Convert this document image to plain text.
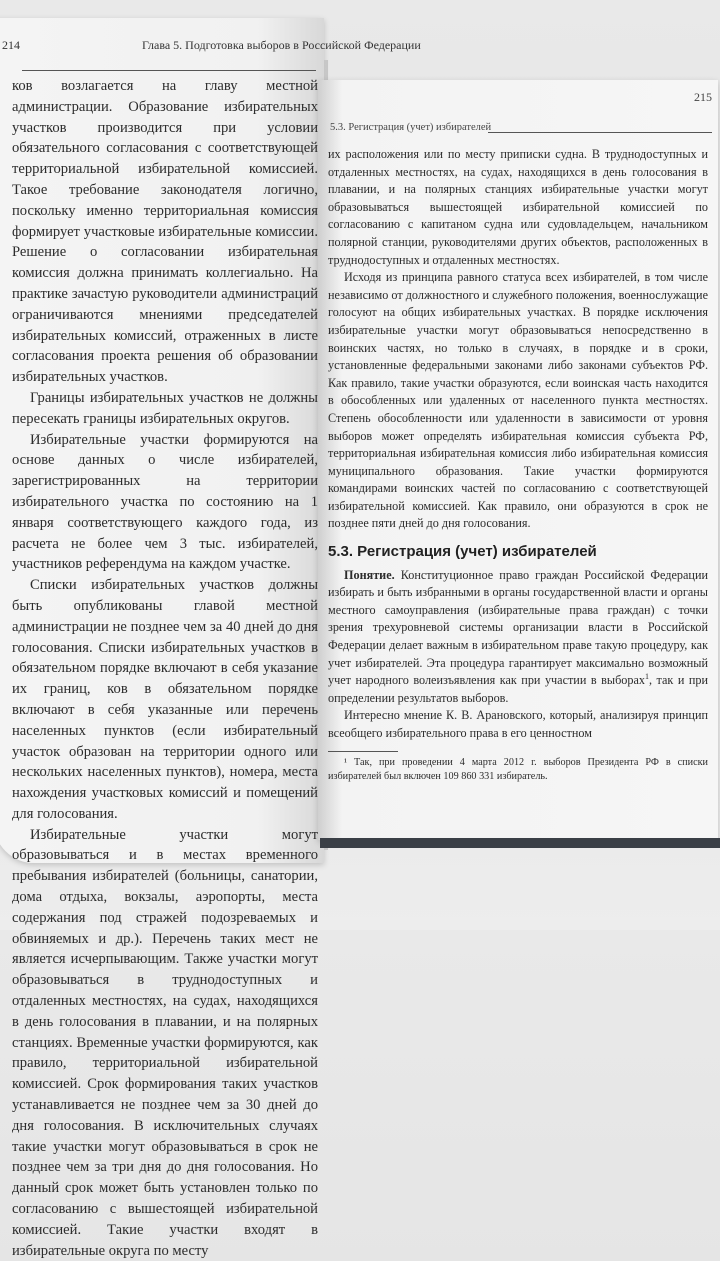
214	Глава 5. Подготовка выборов в Российской Федерации

ков возлагается на главу местной администрации. Образование избирательных участков производится при условии обязательного согласования с соответствующей территориальной избирательной комиссией. Такое требование законодателя логично, поскольку именно территориальная комиссия формирует участковые избирательные комиссии. Решение о согласовании избирательная комиссия должна принимать коллегиально. На практике зачастую руководители администраций ограничиваются мнениями председателей избирательных комиссий, отраженных в листе согласования проекта решения об образовании избирательных участков.

Границы избирательных участков не должны пересекать границы избирательных округов.

Избирательные участки формируются на основе данных о числе избирателей, зарегистрированных на территории избирательного участка по состоянию на 1 января соответствующего каждого года, из расчета не более чем 3 тыс. избирателей, участников референдума на каждом участке.

Списки избирательных участков должны быть опубликованы главой местной администрации не позднее чем за 40 дней до дня голосования. Списки избирательных участков в обязательном порядке включают в себя указание их границ, ков в обязательном порядке включают в себя указанные или перечень населенных пунктов (если избирательный участок образован на территории одного или нескольких населенных пунктов), номера, места нахождения участковых комиссий и помещений для голосования.

Избирательные участки могут образовываться и в местах временного пребывания избирателей (больницы, санатории, дома отдыха, вокзалы, аэропорты, места содержания под стражей подозреваемых и обвиняемых и др.). Перечень таких мест не является исчерпывающим. Также участки могут образовываться в труднодоступных и отдаленных местностях, на судах, находящихся в день голосования в плавании, и на полярных станциях. Временные участки формируются, как правило, территориальной избирательной комиссией. Срок формирования таких участков устанавливается не позднее чем за 30 дней до дня голосования. В исключительных случаях такие участки могут образовываться в срок не позднее чем за три дня до дня голосования. Но данный срок может быть установлен только по согласованию с вышестоящей избирательной комиссией. Такие участки входят в избирательные округа по месту

5.3. Регистрация (учет) избирателей
215

их расположения или по месту приписки судна. В труднодоступных и отдаленных местностях, на судах, находящихся в день голосования в плавании, и на полярных станциях избирательные участки могут образовываться вышестоящей избирательной комиссией по согласованию с капитаном судна или судовладельцем, начальником полярной станции, руководителями других объектов, расположенных в труднодоступных и отдаленных местностях.

Исходя из принципа равного статуса всех избирателей, в том числе независимо от должностного и служебного положения, военнослужащие голосуют на общих избирательных участках. В порядке исключения избирательные участки могут образовываться непосредственно в воинских частях, но только в случаях, в порядке и в сроки, установленные федеральными законами либо законами субъектов РФ. Как правило, такие участки образуются, если воинская часть находится в обособленных или удаленных от населенного пункта местностях. Степень обособленности или удаленности в зависимости от уровня выборов может определять избирательная комиссия субъекта РФ, территориальная избирательная комиссия либо избирательная комиссия муниципального образования. Такие участки формируются командирами воинских частей по согласованию с соответствующей избирательной комиссией. Как правило, они образуются в срок не позднее пяти дней до дня голосования.

5.3. Регистрация (учет) избирателей

Понятие. Конституционное право граждан Российской Федерации избирать и быть избранными в органы государственной власти и органы местного самоуправления (избирательные права граждан) с точки зрения трехуровневой системы организации власти в Российской Федерации делает важным в избирательном праве такую процедуру, как учет избирателей. Эта процедура гарантирует максимально возможный учет народного волеизъявления как при участии в выборах$^1$, так и при определении результатов выборов.

Интересно мнение К. В. Арановского, который, анализируя принцип всеобщего избирательного права в его ценностном

¹ Так, при проведении 4 марта 2012 г. выборов Президента РФ в списки избирателей был включен 109 860 331 избиратель.
